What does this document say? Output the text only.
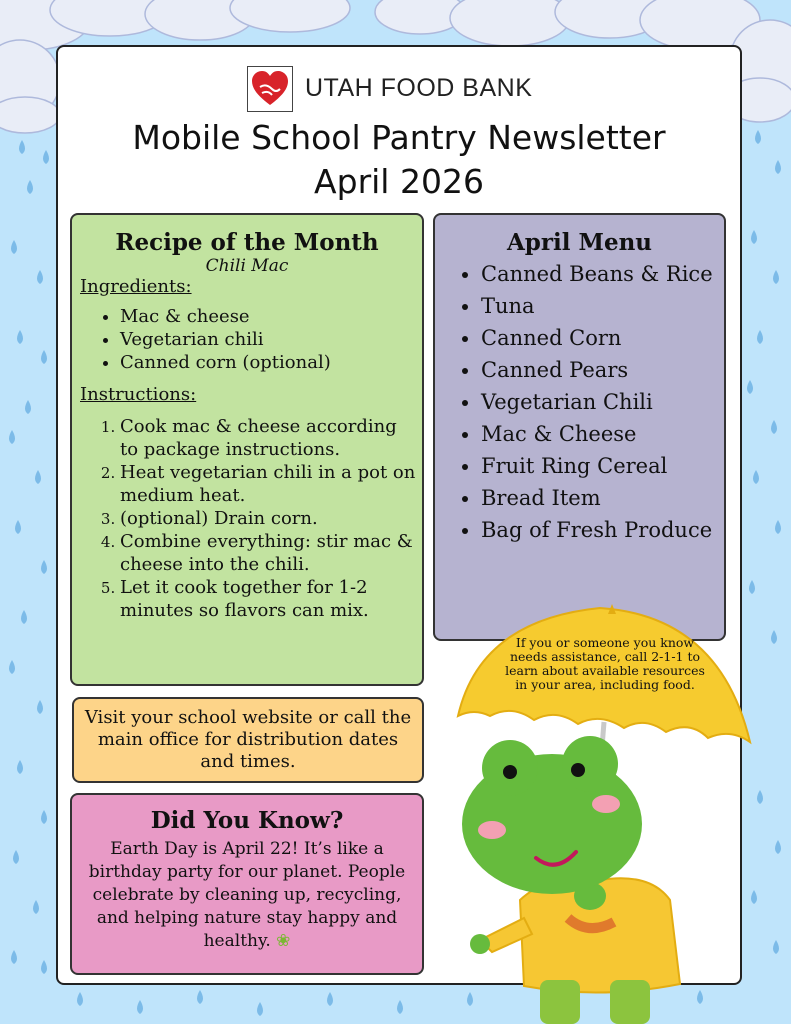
UTAH FOOD BANK
Mobile School Pantry Newsletter
April 2026
Recipe of the Month
Chili Mac
Ingredients:
• Mac & cheese
• Vegetarian chili
• Canned corn (optional)
Instructions:
1. Cook mac & cheese according to package instructions.
2. Heat vegetarian chili in a pot on medium heat.
3. (optional) Drain corn.
4. Combine everything: stir mac & cheese into the chili.
5. Let it cook together for 1-2 minutes so flavors can mix.
April Menu
• Canned Beans & Rice
• Tuna
• Canned Corn
• Canned Pears
• Vegetarian Chili
• Mac & Cheese
• Fruit Ring Cereal
• Bread Item
• Bag of Fresh Produce

Visit your school website or call the main office for distribution dates and times.

Did You Know?

Earth Day is April 22! It’s like a birthday party for our planet. People celebrate by cleaning up, recycling, and helping nature stay happy and healthy. ❀

If you or someone you know needs assistance, call 2-1-1 to learn about available resources in your area, including food.
